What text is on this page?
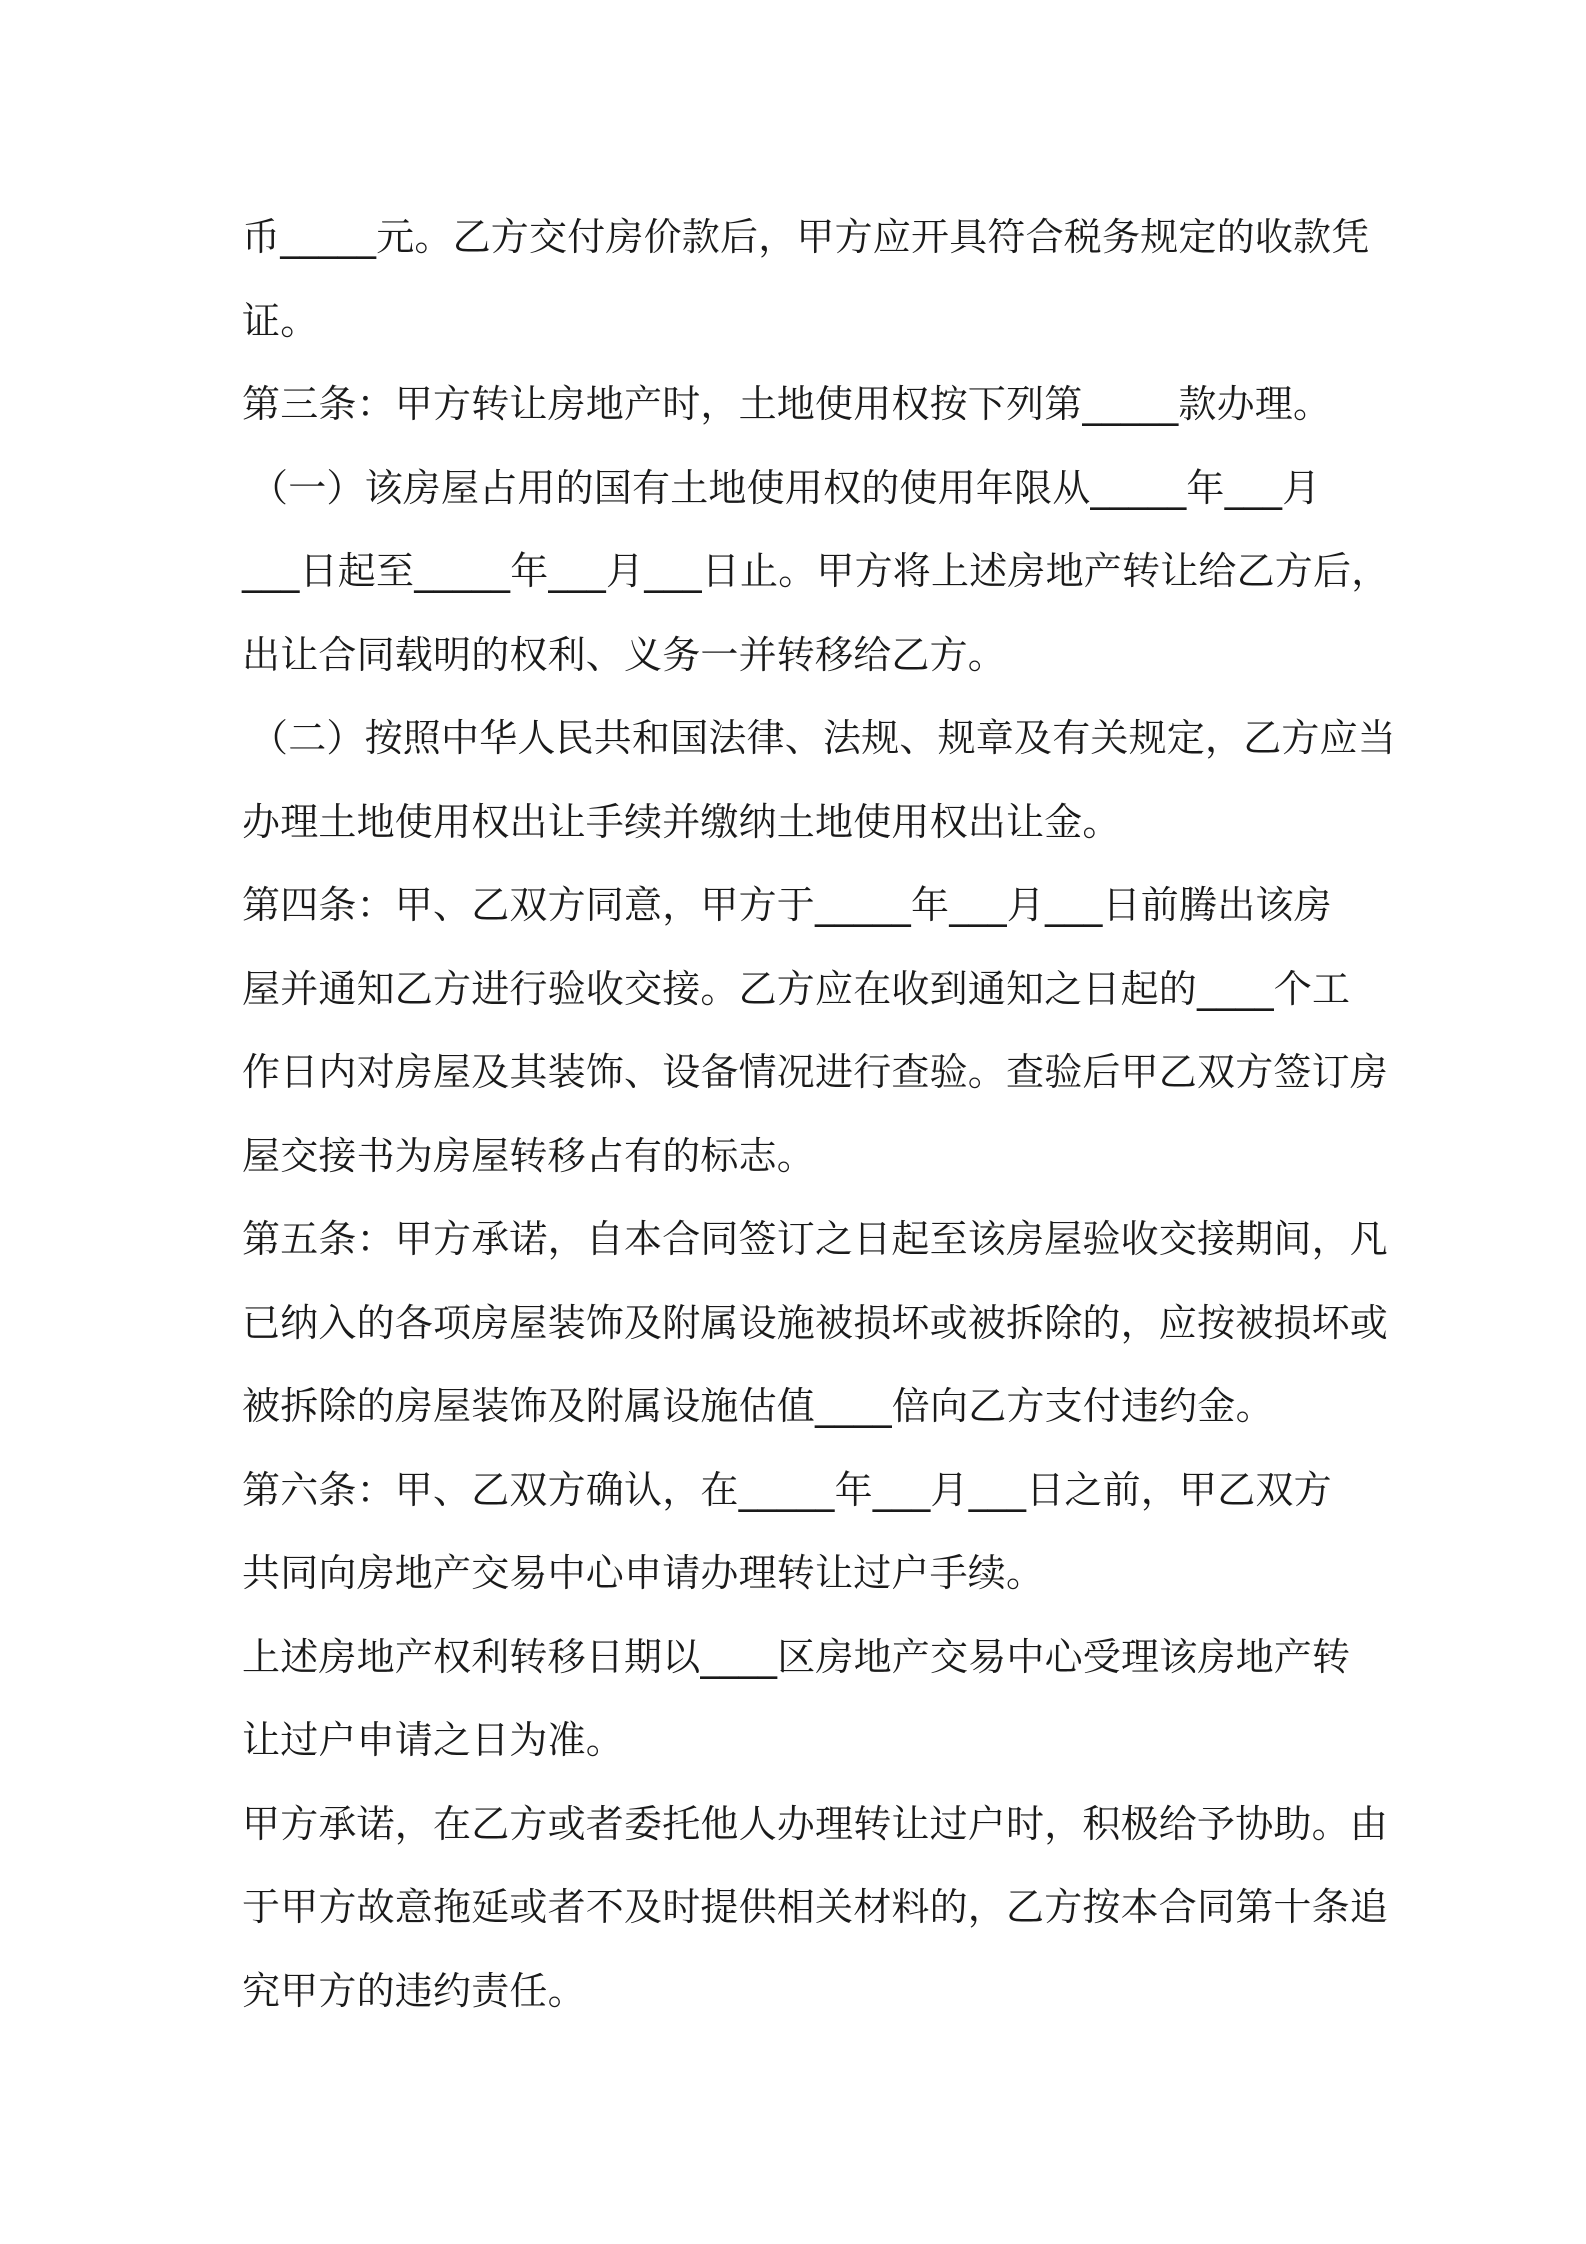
币_____元。乙方交付房价款后，甲方应开具符合税务规定的收款凭
证。
第三条：甲方转让房地产时，土地使用权按下列第_____款办理。
（一）该房屋占用的国有土地使用权的使用年限从_____年___月
___日起至_____年___月___日止。甲方将上述房地产转让给乙方后，
出让合同载明的权利、义务一并转移给乙方。
（二）按照中华人民共和国法律、法规、规章及有关规定，乙方应当
办理土地使用权出让手续并缴纳土地使用权出让金。
第四条：甲、乙双方同意，甲方于_____年___月___日前腾出该房
屋并通知乙方进行验收交接。乙方应在收到通知之日起的____个工
作日内对房屋及其装饰、设备情况进行查验。查验后甲乙双方签订房
屋交接书为房屋转移占有的标志。
第五条：甲方承诺，自本合同签订之日起至该房屋验收交接期间，凡
已纳入的各项房屋装饰及附属设施被损坏或被拆除的，应按被损坏或
被拆除的房屋装饰及附属设施估值____倍向乙方支付违约金。
第六条：甲、乙双方确认，在_____年___月___日之前，甲乙双方
共同向房地产交易中心申请办理转让过户手续。
上述房地产权利转移日期以____区房地产交易中心受理该房地产转
让过户申请之日为准。
甲方承诺，在乙方或者委托他人办理转让过户时，积极给予协助。由
于甲方故意拖延或者不及时提供相关材料的，乙方按本合同第十条追
究甲方的违约责任。
